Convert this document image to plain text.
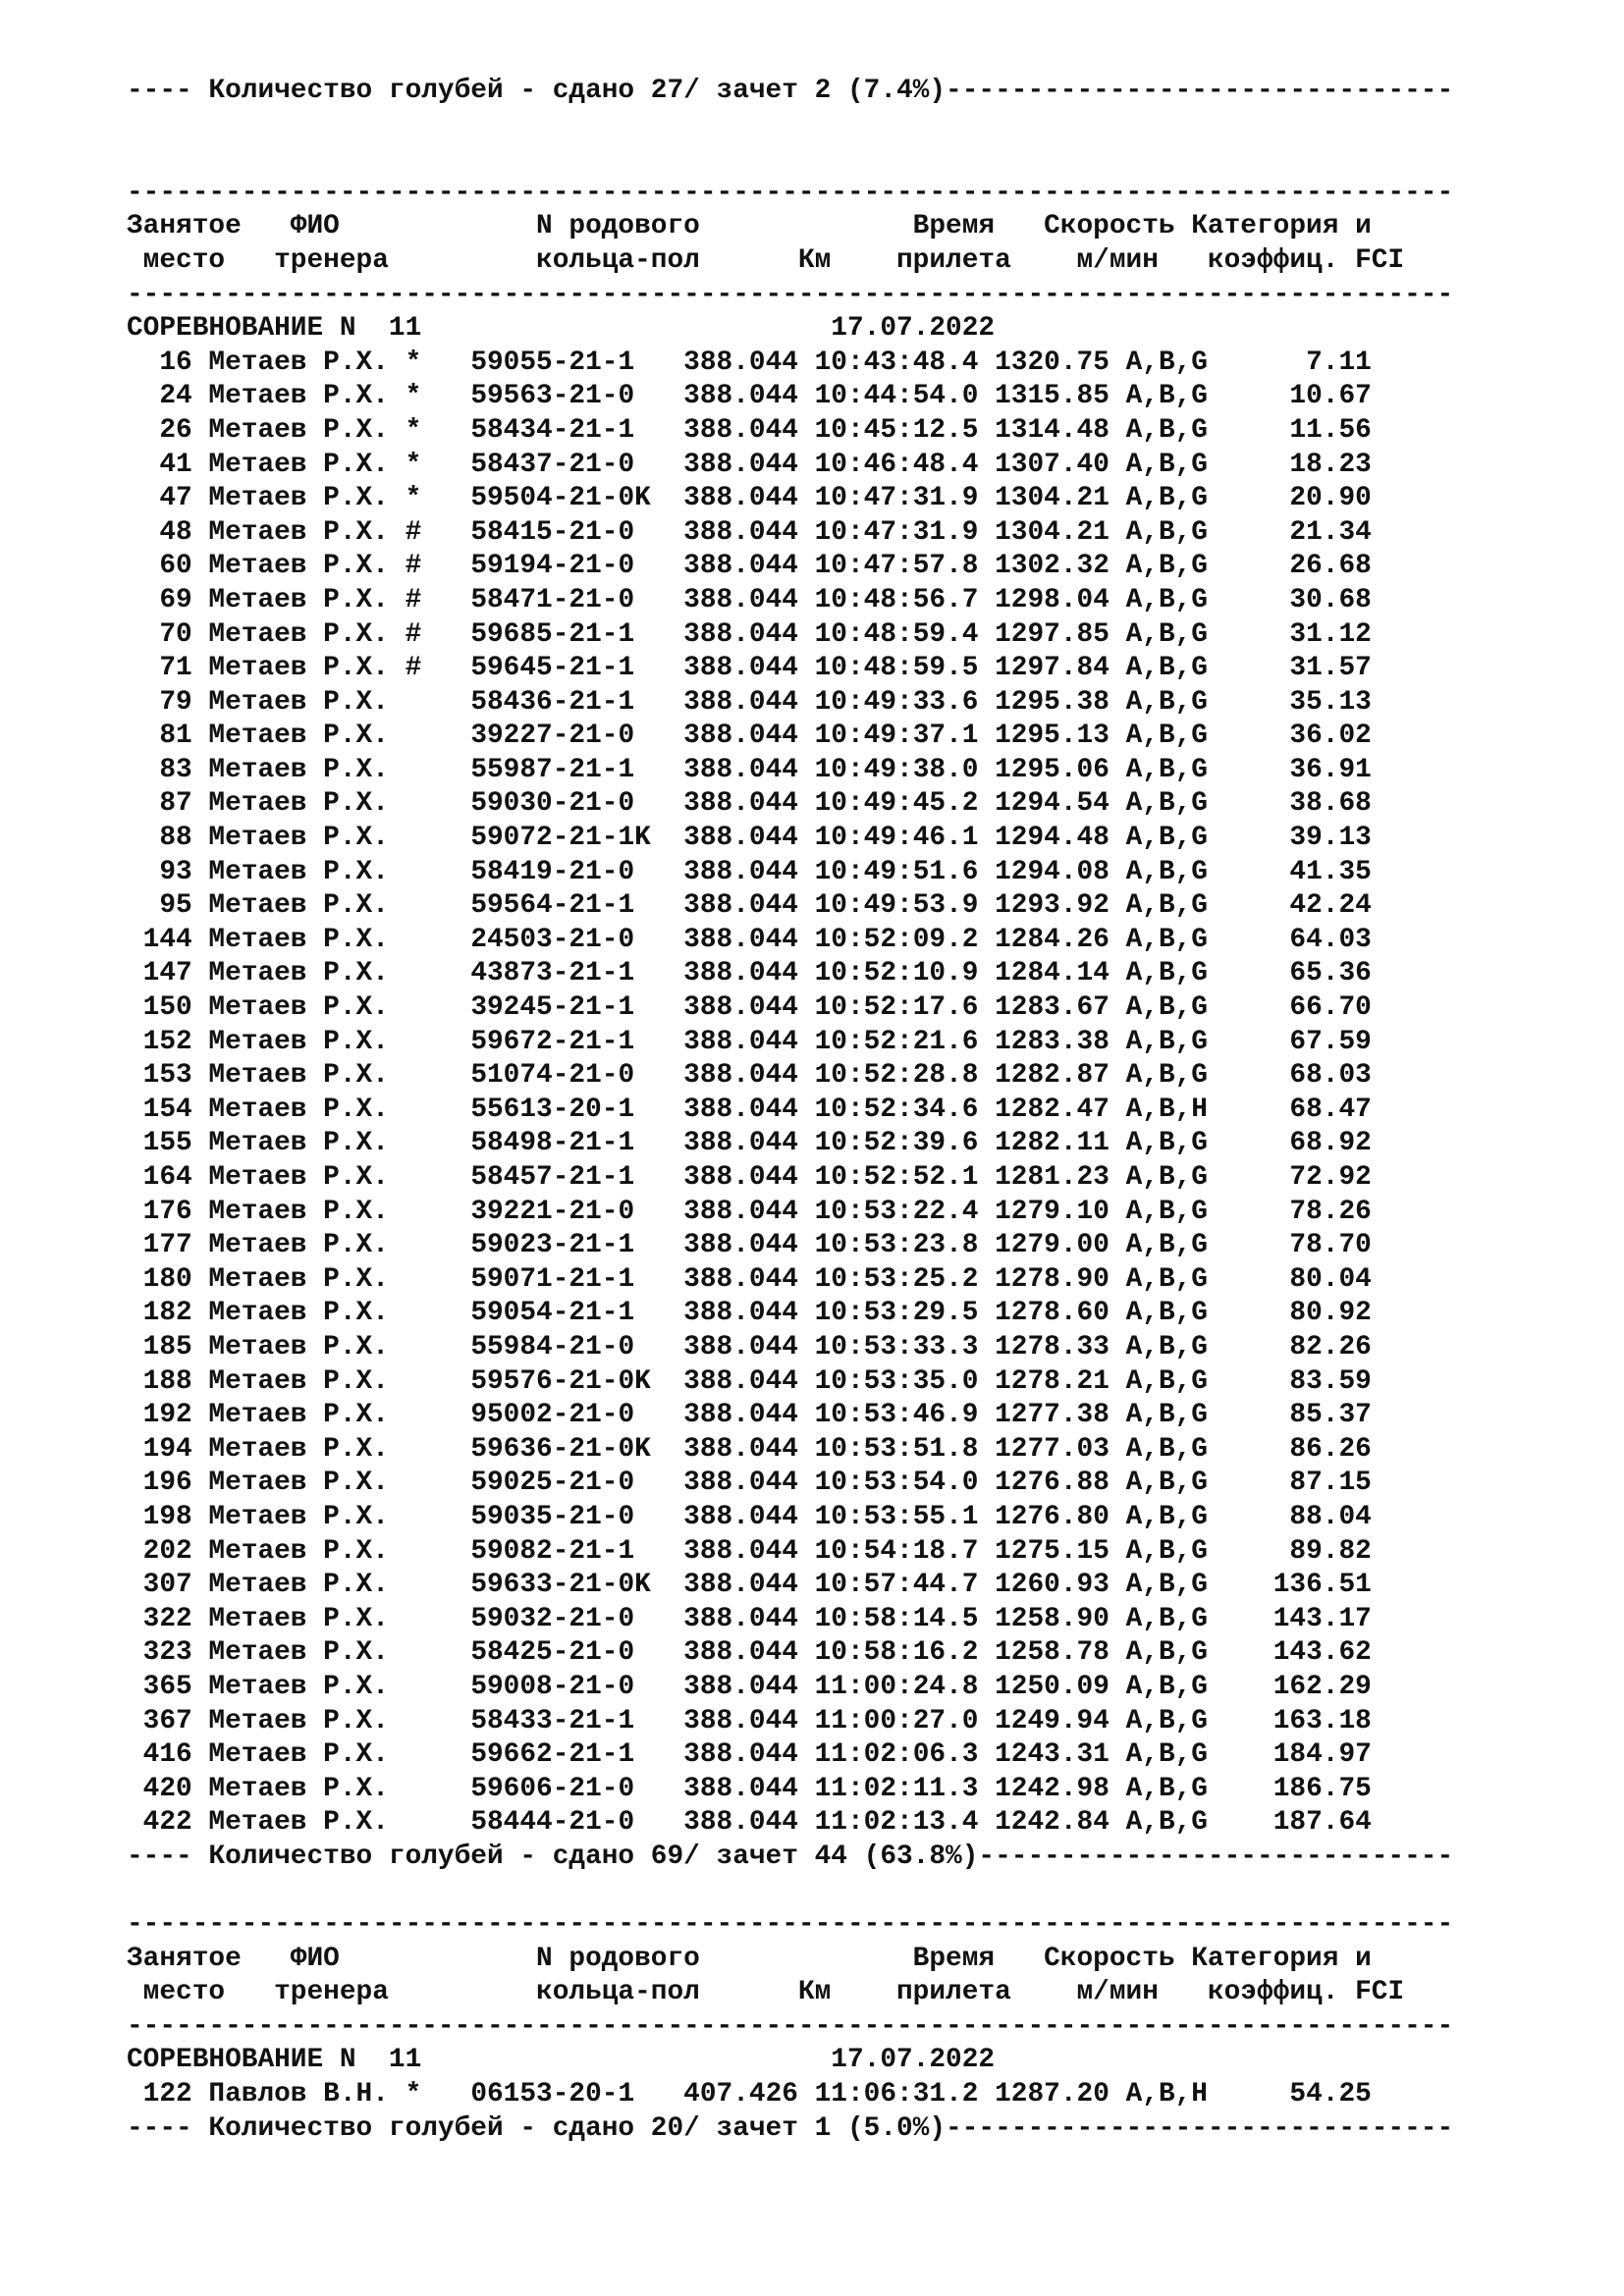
---- Количество голубей - сдано 27/ зачет 2 (7.4%)-------------------------------
---------------------------------------------------------------------------------
Занятое   ФИО            N родового             Время   Скорость Категория и
место   тренера         кольца-пол      Км    прилета    м/мин   коэффиц. FCI
---------------------------------------------------------------------------------
СОРЕВНОВАНИЕ N  11                         17.07.2022
16 Метаев Р.Х. *   59055-21-1   388.044 10:43:48.4 1320.75 A,B,G      7.11
24 Метаев Р.Х. *   59563-21-0   388.044 10:44:54.0 1315.85 A,B,G     10.67
26 Метаев Р.Х. *   58434-21-1   388.044 10:45:12.5 1314.48 A,B,G     11.56
41 Метаев Р.Х. *   58437-21-0   388.044 10:46:48.4 1307.40 A,B,G     18.23
47 Метаев Р.Х. *   59504-21-0K  388.044 10:47:31.9 1304.21 A,B,G     20.90
48 Метаев Р.Х. #   58415-21-0   388.044 10:47:31.9 1304.21 A,B,G     21.34
60 Метаев Р.Х. #   59194-21-0   388.044 10:47:57.8 1302.32 A,B,G     26.68
69 Метаев Р.Х. #   58471-21-0   388.044 10:48:56.7 1298.04 A,B,G     30.68
70 Метаев Р.Х. #   59685-21-1   388.044 10:48:59.4 1297.85 A,B,G     31.12
71 Метаев Р.Х. #   59645-21-1   388.044 10:48:59.5 1297.84 A,B,G     31.57
79 Метаев Р.Х.     58436-21-1   388.044 10:49:33.6 1295.38 A,B,G     35.13
81 Метаев Р.Х.     39227-21-0   388.044 10:49:37.1 1295.13 A,B,G     36.02
83 Метаев Р.Х.     55987-21-1   388.044 10:49:38.0 1295.06 A,B,G     36.91
87 Метаев Р.Х.     59030-21-0   388.044 10:49:45.2 1294.54 A,B,G     38.68
88 Метаев Р.Х.     59072-21-1K  388.044 10:49:46.1 1294.48 A,B,G     39.13
93 Метаев Р.Х.     58419-21-0   388.044 10:49:51.6 1294.08 A,B,G     41.35
95 Метаев Р.Х.     59564-21-1   388.044 10:49:53.9 1293.92 A,B,G     42.24
144 Метаев Р.Х.     24503-21-0   388.044 10:52:09.2 1284.26 A,B,G     64.03
147 Метаев Р.Х.     43873-21-1   388.044 10:52:10.9 1284.14 A,B,G     65.36
150 Метаев Р.Х.     39245-21-1   388.044 10:52:17.6 1283.67 A,B,G     66.70
152 Метаев Р.Х.     59672-21-1   388.044 10:52:21.6 1283.38 A,B,G     67.59
153 Метаев Р.Х.     51074-21-0   388.044 10:52:28.8 1282.87 A,B,G     68.03
154 Метаев Р.Х.     55613-20-1   388.044 10:52:34.6 1282.47 A,B,H     68.47
155 Метаев Р.Х.     58498-21-1   388.044 10:52:39.6 1282.11 A,B,G     68.92
164 Метаев Р.Х.     58457-21-1   388.044 10:52:52.1 1281.23 A,B,G     72.92
176 Метаев Р.Х.     39221-21-0   388.044 10:53:22.4 1279.10 A,B,G     78.26
177 Метаев Р.Х.     59023-21-1   388.044 10:53:23.8 1279.00 A,B,G     78.70
180 Метаев Р.Х.     59071-21-1   388.044 10:53:25.2 1278.90 A,B,G     80.04
182 Метаев Р.Х.     59054-21-1   388.044 10:53:29.5 1278.60 A,B,G     80.92
185 Метаев Р.Х.     55984-21-0   388.044 10:53:33.3 1278.33 A,B,G     82.26
188 Метаев Р.Х.     59576-21-0K  388.044 10:53:35.0 1278.21 A,B,G     83.59
192 Метаев Р.Х.     95002-21-0   388.044 10:53:46.9 1277.38 A,B,G     85.37
194 Метаев Р.Х.     59636-21-0K  388.044 10:53:51.8 1277.03 A,B,G     86.26
196 Метаев Р.Х.     59025-21-0   388.044 10:53:54.0 1276.88 A,B,G     87.15
198 Метаев Р.Х.     59035-21-0   388.044 10:53:55.1 1276.80 A,B,G     88.04
202 Метаев Р.Х.     59082-21-1   388.044 10:54:18.7 1275.15 A,B,G     89.82
307 Метаев Р.Х.     59633-21-0K  388.044 10:57:44.7 1260.93 A,B,G    136.51
322 Метаев Р.Х.     59032-21-0   388.044 10:58:14.5 1258.90 A,B,G    143.17
323 Метаев Р.Х.     58425-21-0   388.044 10:58:16.2 1258.78 A,B,G    143.62
365 Метаев Р.Х.     59008-21-0   388.044 11:00:24.8 1250.09 A,B,G    162.29
367 Метаев Р.Х.     58433-21-1   388.044 11:00:27.0 1249.94 A,B,G    163.18
416 Метаев Р.Х.     59662-21-1   388.044 11:02:06.3 1243.31 A,B,G    184.97
420 Метаев Р.Х.     59606-21-0   388.044 11:02:11.3 1242.98 A,B,G    186.75
422 Метаев Р.Х.     58444-21-0   388.044 11:02:13.4 1242.84 A,B,G    187.64
---- Количество голубей - сдано 69/ зачет 44 (63.8%)-----------------------------
---------------------------------------------------------------------------------
Занятое   ФИО            N родового             Время   Скорость Категория и
место   тренера         кольца-пол      Км    прилета    м/мин   коэффиц. FCI
---------------------------------------------------------------------------------
СОРЕВНОВАНИЕ N  11                         17.07.2022
122 Павлов В.Н. *   06153-20-1   407.426 11:06:31.2 1287.20 A,B,H     54.25
---- Количество голубей - сдано 20/ зачет 1 (5.0%)-------------------------------
